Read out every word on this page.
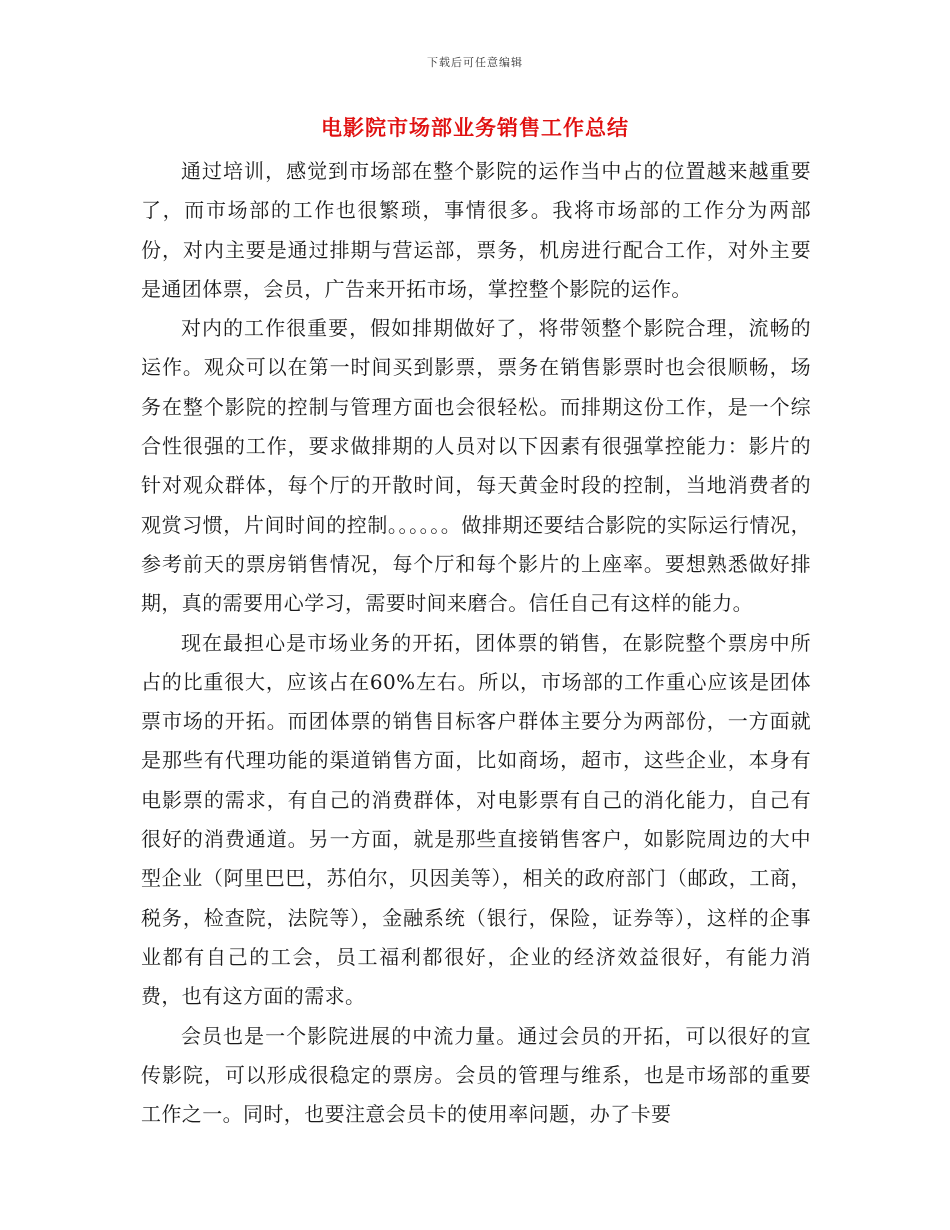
下载后可任意编辑
电影院市场部业务销售工作总结

通过培训，感觉到市场部在整个影院的运作当中占的位置越来越重要了，而市场部的工作也很繁琐，事情很多。我将市场部的工作分为两部份，对内主要是通过排期与营运部，票务，机房进行配合工作，对外主要是通团体票，会员，广告来开拓市场，掌控整个影院的运作。

对内的工作很重要，假如排期做好了，将带领整个影院合理，流畅的运作。观众可以在第一时间买到影票，票务在销售影票时也会很顺畅，场务在整个影院的控制与管理方面也会很轻松。而排期这份工作，是一个综合性很强的工作，要求做排期的人员对以下因素有很强掌控能力：影片的针对观众群体，每个厅的开散时间，每天黄金时段的控制，当地消费者的观赏习惯，片间时间的控制。。。。。。做排期还要结合影院的实际运行情况，参考前天的票房销售情况，每个厅和每个影片的上座率。要想熟悉做好排期，真的需要用心学习，需要时间来磨合。信任自己有这样的能力。

现在最担心是市场业务的开拓，团体票的销售，在影院整个票房中所占的比重很大，应该占在60%左右。所以，市场部的工作重心应该是团体票市场的开拓。而团体票的销售目标客户群体主要分为两部份，一方面就是那些有代理功能的渠道销售方面，比如商场，超市，这些企业，本身有电影票的需求，有自己的消费群体，对电影票有自己的消化能力，自己有很好的消费通道。另一方面，就是那些直接销售客户，如影院周边的大中型企业（阿里巴巴，苏伯尔，贝因美等），相关的政府部门（邮政，工商，税务，检查院，法院等），金融系统（银行，保险，证券等），这样的企事业都有自己的工会，员工福利都很好，企业的经济效益很好，有能力消费，也有这方面的需求。

会员也是一个影院进展的中流力量。通过会员的开拓，可以很好的宣传影院，可以形成很稳定的票房。会员的管理与维系，也是市场部的重要工作之一。同时，也要注意会员卡的使用率问题，办了卡要
